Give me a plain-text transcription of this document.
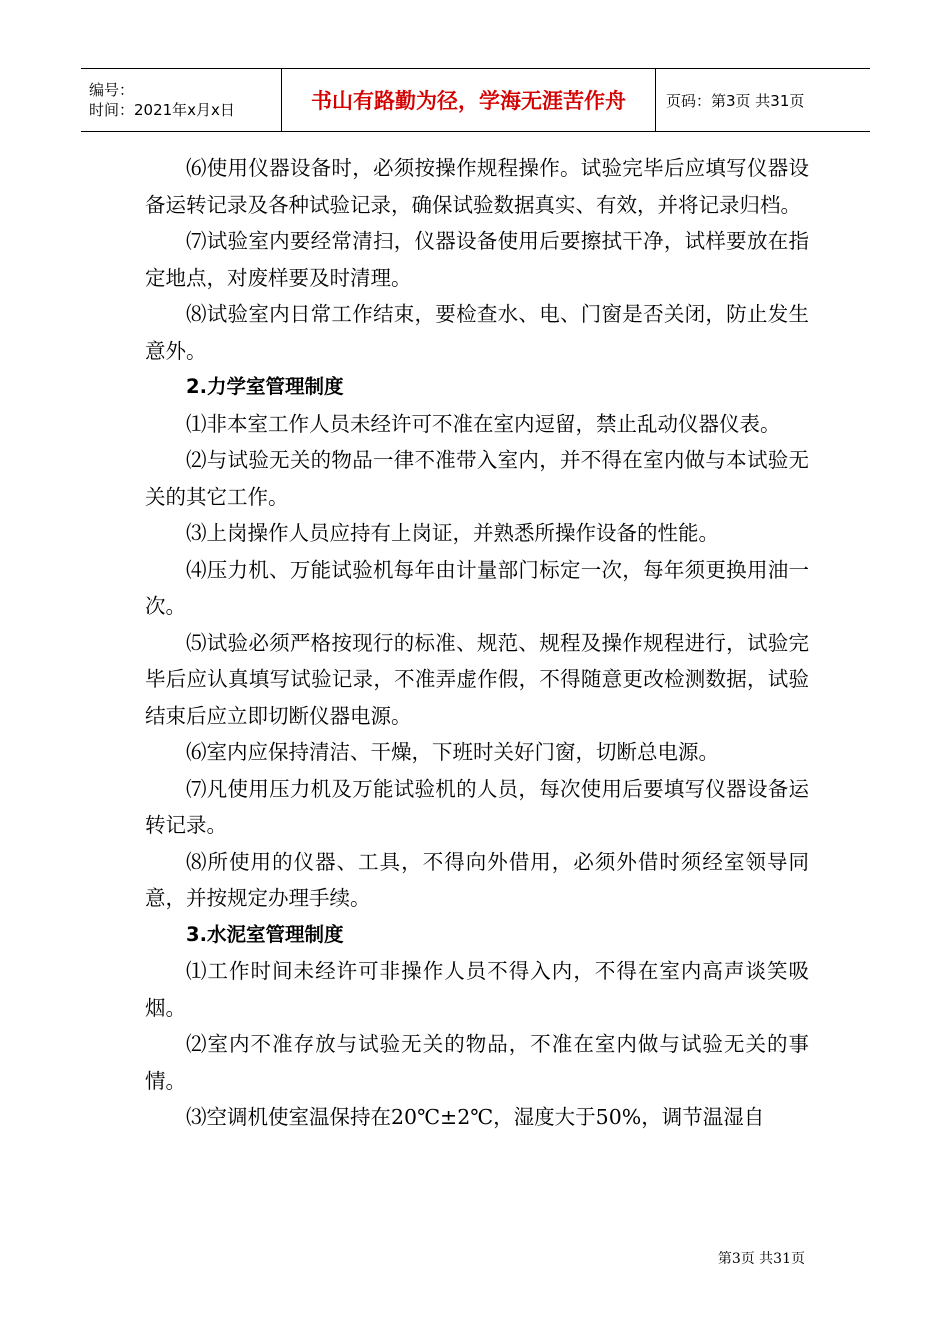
编号：
时间：2021年x月x日	书山有路勤为径，学海无涯苦作舟	页码：第3页 共31页

⑹使用仪器设备时，必须按操作规程操作。试验完毕后应填写仪器设备运转记录及各种试验记录，确保试验数据真实、有效，并将记录归档。

⑺试验室内要经常清扫，仪器设备使用后要擦拭干净，试样要放在指定地点，对废样要及时清理。

⑻试验室内日常工作结束，要检查水、电、门窗是否关闭，防止发生意外。

2.力学室管理制度

⑴非本室工作人员未经许可不准在室内逗留，禁止乱动仪器仪表。

⑵与试验无关的物品一律不准带入室内，并不得在室内做与本试验无关的其它工作。

⑶上岗操作人员应持有上岗证，并熟悉所操作设备的性能。

⑷压力机、万能试验机每年由计量部门标定一次，每年须更换用油一次。

⑸试验必须严格按现行的标准、规范、规程及操作规程进行，试验完毕后应认真填写试验记录，不准弄虚作假，不得随意更改检测数据，试验结束后应立即切断仪器电源。

⑹室内应保持清洁、干燥，下班时关好门窗，切断总电源。

⑺凡使用压力机及万能试验机的人员，每次使用后要填写仪器设备运转记录。

⑻所使用的仪器、工具，不得向外借用，必须外借时须经室领导同意，并按规定办理手续。

3.水泥室管理制度

⑴工作时间未经许可非操作人员不得入内，不得在室内高声谈笑吸烟。

⑵室内不准存放与试验无关的物品，不准在室内做与试验无关的事情。

⑶空调机使室温保持在20℃±2℃，湿度大于50%，调节温湿自

第3页 共31页
